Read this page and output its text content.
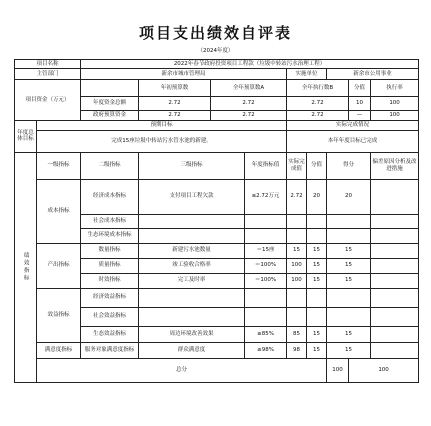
项目支出绩效自评表
（2024年度）
项目名称		2022年春节政府投资项目工程款（垃圾中转站污水治理工程）									
主管部门		新余市城市管理局				实施单位		新余市公用事业			
项目资金（万元）			年初预算数	全年预算数A		全年执行数B			分值	执行率	
		年度资金总额	2.72	2.72		2.72			10	100	
		政府预算资金	2.72	2.72		2.72			—	100	
年度总体目标	预期目标					实际完成情况					
	完成15座垃圾中转站污水管水池的新建。					本年年度目标已完成					
绩效指标	一级指标	二级指标	三级指标		年度指标值	实际完成值	分值	得分		偏差原因分析及改进措施	
	成本指标	经济成本指标	支付项目工程欠款		≤2.72万元	2.72	20	20			
		社会成本指标									
		生态环境成本指标									
	产出指标	数量指标	新建污水池数量		＝15座	15	15	15			
		质量指标	竣工验收合格率		＝100%	100	15	15			
		时效指标	完工及时率		＝100%	100	15	15			
	效益指标	经济效益指标									
		社会效益指标									
		生态效益指标	周边环境改善效果		≥85%	85	15	15			
	满意度指标	服务对象满意度指标	群众满意度		≥98%	98	15	15			
	总分							100	100		
